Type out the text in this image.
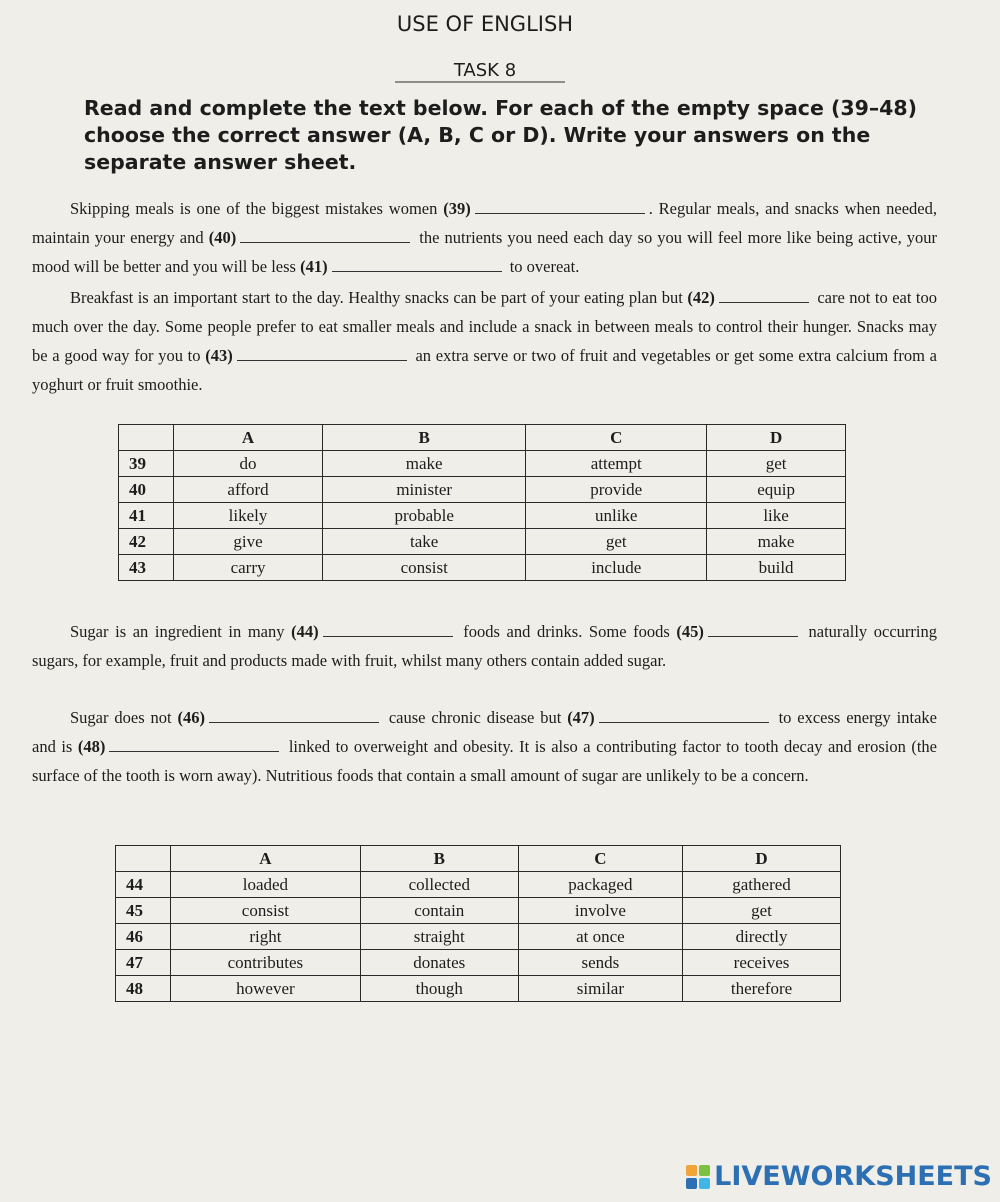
USE OF ENGLISH
TASK 8
Read and complete the text below. For each of the empty space (39–48) choose the correct answer (A, B, C or D). Write your answers on the separate answer sheet.

Skipping meals is one of the biggest mistakes women (39)	. Regular meals, and snacks when needed, maintain your energy and (40)	the nutrients you need each day so you will feel more like being active, your mood will be better and you will be less (41)	to overeat.

Breakfast is an important start to the day. Healthy snacks can be part of your eating plan but (42)	care not to eat too much over the day. Some people prefer to eat smaller meals and include a snack in between meals to control their hunger. Snacks may be a good way for you to (43)	an extra serve or two of fruit and vegetables or get some extra calcium from a yoghurt or fruit smoothie.

	A	B	C	D
39	do	make	attempt	get
40	afford	minister	provide	equip
41	likely	probable	unlike	like
42	give	take	get	make
43	carry	consist	include	build

Sugar is an ingredient in many (44)	foods and drinks. Some foods (45)	naturally occurring sugars, for example, fruit and products made with fruit, whilst many others contain added sugar.

Sugar does not (46)	cause chronic disease but (47)	to excess energy intake and is (48)	linked to overweight and obesity. It is also a contributing factor to tooth decay and erosion (the surface of the tooth is worn away). Nutritious foods that contain a small amount of sugar are unlikely to be a concern.

	A	B	C	D
44	loaded	collected	packaged	gathered
45	consist	contain	involve	get
46	right	straight	at once	directly
47	contributes	donates	sends	receives
48	however	though	similar	therefore
LIVEWORKSHEETS
